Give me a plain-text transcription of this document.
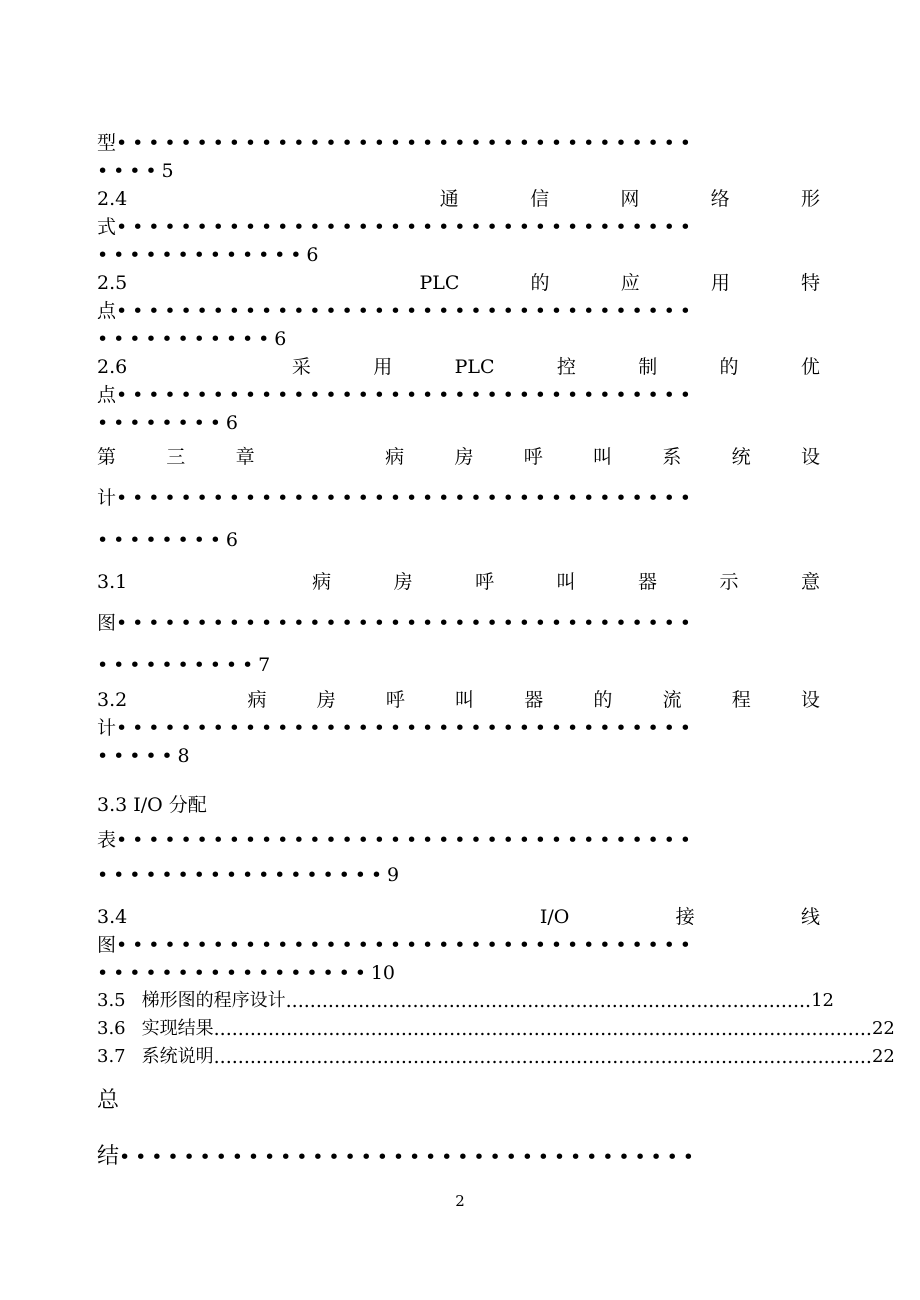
型••••••••••••••••••••••••••••••••••••
••••5
2.4	通	信	网	络	形
式••••••••••••••••••••••••••••••••••••
•••••••••••••6
2.5	PLC	的	应	用	特
点••••••••••••••••••••••••••••••••••••
•••••••••••6
2.6	采	用	PLC	控	制	的	优
点••••••••••••••••••••••••••••••••••••
••••••••6
第	三	章	病	房	呼	叫	系	统	设
计••••••••••••••••••••••••••••••••••••
••••••••6
3.1	病	房	呼	叫	器	示	意
图••••••••••••••••••••••••••••••••••••
••••••••••7
3.2	病	房	呼	叫	器	的	流	程	设
计••••••••••••••••••••••••••••••••••••
•••••8
3.3 I/O 分配
表••••••••••••••••••••••••••••••••••••
••••••••••••••••••9
3.4	I/O	接	线
图••••••••••••••••••••••••••••••••••••
•••••••••••••••••10
3.5 梯形图的程序设计 ....................................................................................... 12
3.6 实现结果 ............................................................................................................. 22
3.7 系统说明 ............................................................................................................. 22
总
结••••••••••••••••••••••••••••••••••••
2
